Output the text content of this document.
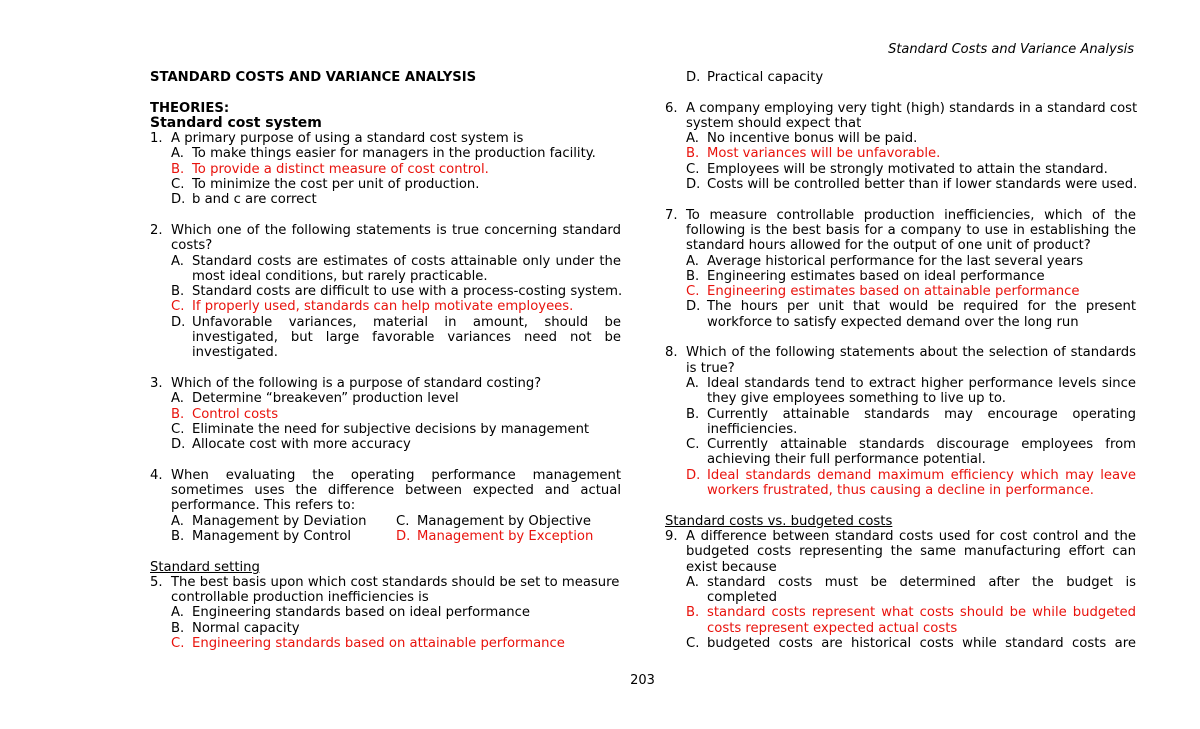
Standard Costs and Variance Analysis
STANDARD COSTS AND VARIANCE ANALYSIS
THEORIES:
Standard cost system
1. A primary purpose of using a standard cost system is
A. To make things easier for managers in the production facility.
B. To provide a distinct measure of cost control.
C. To minimize the cost per unit of production.
D. b and c are correct
2. Which one of the following statements is true concerning standard
costs?
A. Standard costs are estimates of costs attainable only under the
most ideal conditions, but rarely practicable.
B. Standard costs are difficult to use with a process-costing system.
C. If properly used, standards can help motivate employees.
D. Unfavorable variances, material in amount, should be
investigated, but large favorable variances need not be
investigated.
3. Which of the following is a purpose of standard costing?
A. Determine “breakeven” production level
B. Control costs
C. Eliminate the need for subjective decisions by management
D. Allocate cost with more accuracy
4. When evaluating the operating performance management
sometimes uses the difference between expected and actual
performance. This refers to:
A. Management by Deviation C. Management by Objective
B. Management by Control	D. Management by Exception
Standard setting
5. The best basis upon which cost standards should be set to measure
controllable production inefficiencies is
A. Engineering standards based on ideal performance
B. Normal capacity
C. Engineering standards based on attainable performance
D. Practical capacity
6. A company employing very tight (high) standards in a standard cost
system should expect that
A. No incentive bonus will be paid.
B. Most variances will be unfavorable.
C. Employees will be strongly motivated to attain the standard.
D. Costs will be controlled better than if lower standards were used.
7. To measure controllable production inefficiencies, which of the
following is the best basis for a company to use in establishing the
standard hours allowed for the output of one unit of product?
A. Average historical performance for the last several years
B. Engineering estimates based on ideal performance
C. Engineering estimates based on attainable performance
D. The hours per unit that would be required for the present
workforce to satisfy expected demand over the long run
8. Which of the following statements about the selection of standards
is true?
A. Ideal standards tend to extract higher performance levels since
they give employees something to live up to.
B. Currently attainable standards may encourage operating
inefficiencies.
C. Currently attainable standards discourage employees from
achieving their full performance potential.
D. Ideal standards demand maximum efficiency which may leave
workers frustrated, thus causing a decline in performance.
Standard costs vs. budgeted costs
9. A difference between standard costs used for cost control and the
budgeted costs representing the same manufacturing effort can
exist because
A. standard costs must be determined after the budget is
completed
B. standard costs represent what costs should be while budgeted
costs represent expected actual costs
C. budgeted costs are historical costs while standard costs are
203
